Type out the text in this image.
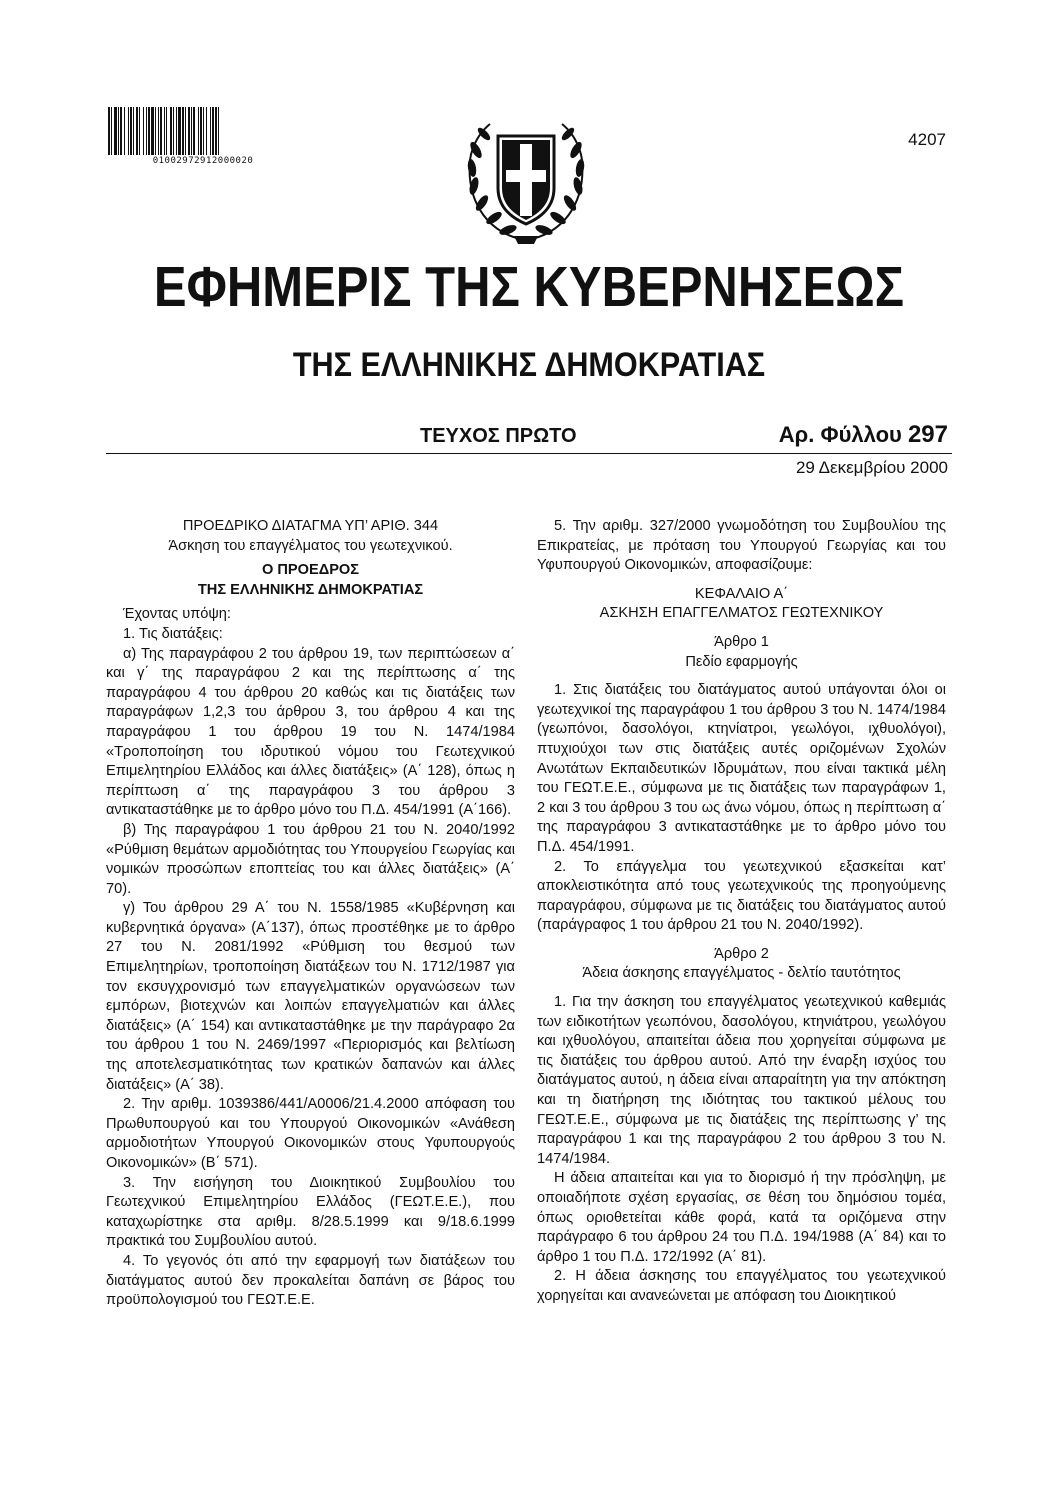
01002972912000020
4207
ΕΦΗΜΕΡΙΣ ΤΗΣ ΚΥΒΕΡΝΗΣΕΩΣ
ΤΗΣ ΕΛΛΗΝΙΚΗΣ ΔΗΜΟΚΡΑΤΙΑΣ
ΤΕΥΧΟΣ ΠΡΩΤΟ	Αρ. Φύλλου 297
29 Δεκεμβρίου 2000

ΠΡΟΕΔΡΙΚΟ ΔΙΑΤΑΓΜΑ ΥΠ’ ΑΡΙΘ. 344

Άσκηση του επαγγέλματος του γεωτεχνικού.

Ο ΠΡΟΕΔΡΟΣ

ΤΗΣ ΕΛΛΗΝΙΚΗΣ ΔΗΜΟΚΡΑΤΙΑΣ

Έχοντας υπόψη:

1. Τις διατάξεις:

α) Της παραγράφου 2 του άρθρου 19, των περιπτώσεων α΄ και γ΄ της παραγράφου 2 και της περίπτωσης α΄ της παραγράφου 4 του άρθρου 20 καθώς και τις διατάξεις των παραγράφων 1,2,3 του άρθρου 3, του άρθρου 4 και της παραγράφου 1 του άρθρου 19 του Ν. 1474/1984 «Τροποποίηση του ιδρυτικού νόμου του Γεωτεχνικού Επιμελητηρίου Ελλάδος και άλλες διατάξεις» (Α΄ 128), όπως η περίπτωση α΄ της παραγράφου 3 του άρθρου 3 αντικαταστάθηκε με το άρθρο μόνο του Π.Δ. 454/1991 (Α΄166).

β) Της παραγράφου 1 του άρθρου 21 του Ν. 2040/1992 «Ρύθμιση θεμάτων αρμοδιότητας του Υπουργείου Γεωργίας και νομικών προσώπων εποπτείας του και άλλες διατάξεις» (Α΄ 70).

γ) Του άρθρου 29 Α΄ του Ν. 1558/1985 «Κυβέρνηση και κυβερνητικά όργανα» (Α΄137), όπως προστέθηκε με το άρθρο 27 του Ν. 2081/1992 «Ρύθμιση του θεσμού των Επιμελητηρίων, τροποποίηση διατάξεων του Ν. 1712/1987 για τον εκσυγχρονισμό των επαγγελματικών οργανώσεων των εμπόρων, βιοτεχνών και λοιπών επαγγελματιών και άλλες διατάξεις» (Α΄ 154) και αντικαταστάθηκε με την παράγραφο 2α του άρθρου 1 του Ν. 2469/1997 «Περιορισμός και βελτίωση της αποτελεσματικότητας των κρατικών δαπανών και άλλες διατάξεις» (Α΄ 38).

2. Την αριθμ. 1039386/441/Α0006/21.4.2000 απόφαση του Πρωθυπουργού και του Υπουργού Οικονομικών «Ανάθεση αρμοδιοτήτων Υπουργού Οικονομικών στους Υφυπουργούς Οικονομικών» (Β΄ 571).

3. Την εισήγηση του Διοικητικού Συμβουλίου του Γεωτεχνικού Επιμελητηρίου Ελλάδος (ΓΕΩΤ.Ε.Ε.), που καταχωρίστηκε στα αριθμ. 8/28.5.1999 και 9/18.6.1999 πρακτικά του Συμβουλίου αυτού.

4. Το γεγονός ότι από την εφαρμογή των διατάξεων του διατάγματος αυτού δεν προκαλείται δαπάνη σε βάρος του προϋπολογισμού του ΓΕΩΤ.Ε.Ε.

5. Την αριθμ. 327/2000 γνωμοδότηση του Συμβουλίου της Επικρατείας, με πρόταση του Υπουργού Γεωργίας και του Υφυπουργού Οικονομικών, αποφασίζουμε:

ΚΕΦΑΛΑΙΟ Α΄

ΑΣΚΗΣΗ ΕΠΑΓΓΕΛΜΑΤΟΣ ΓΕΩΤΕΧΝΙΚΟΥ

Άρθρο 1

Πεδίο εφαρμογής

1. Στις διατάξεις του διατάγματος αυτού υπάγονται όλοι οι γεωτεχνικοί της παραγράφου 1 του άρθρου 3 του Ν. 1474/1984 (γεωπόνοι, δασολόγοι, κτηνίατροι, γεωλόγοι, ιχθυολόγοι), πτυχιούχοι των στις διατάξεις αυτές οριζομένων Σχολών Ανωτάτων Εκπαιδευτικών Ιδρυμάτων, που είναι τακτικά μέλη του ΓΕΩΤ.Ε.Ε., σύμφωνα με τις διατάξεις των παραγράφων 1, 2 και 3 του άρθρου 3 του ως άνω νόμου, όπως η περίπτωση α΄ της παραγράφου 3 αντικαταστάθηκε με το άρθρο μόνο του Π.Δ. 454/1991.

2. Το επάγγελμα του γεωτεχνικού εξασκείται κατ’ αποκλειστικότητα από τους γεωτεχνικούς της προηγούμενης παραγράφου, σύμφωνα με τις διατάξεις του διατάγματος αυτού (παράγραφος 1 του άρθρου 21 του Ν. 2040/1992).

Άρθρο 2

Άδεια άσκησης επαγγέλματος - δελτίο ταυτότητος

1. Για την άσκηση του επαγγέλματος γεωτεχνικού καθεμιάς των ειδικοτήτων γεωπόνου, δασολόγου, κτηνιάτρου, γεωλόγου και ιχθυολόγου, απαιτείται άδεια που χορηγείται σύμφωνα με τις διατάξεις του άρθρου αυτού. Από την έναρξη ισχύος του διατάγματος αυτού, η άδεια είναι απαραίτητη για την απόκτηση και τη διατήρηση της ιδιότητας του τακτικού μέλους του ΓΕΩΤ.Ε.Ε., σύμφωνα με τις διατάξεις της περίπτωσης γ’ της παραγράφου 1 και της παραγράφου 2 του άρθρου 3 του Ν. 1474/1984.

Η άδεια απαιτείται και για το διορισμό ή την πρόσληψη, με οποιαδήποτε σχέση εργασίας, σε θέση του δημόσιου τομέα, όπως οριοθετείται κάθε φορά, κατά τα οριζόμενα στην παράγραφο 6 του άρθρου 24 του Π.Δ. 194/1988 (Α΄ 84) και το άρθρο 1 του Π.Δ. 172/1992 (Α΄ 81).

2. Η άδεια άσκησης του επαγγέλματος του γεωτεχνικού χορηγείται και ανανεώνεται με απόφαση του Διοικητικού
